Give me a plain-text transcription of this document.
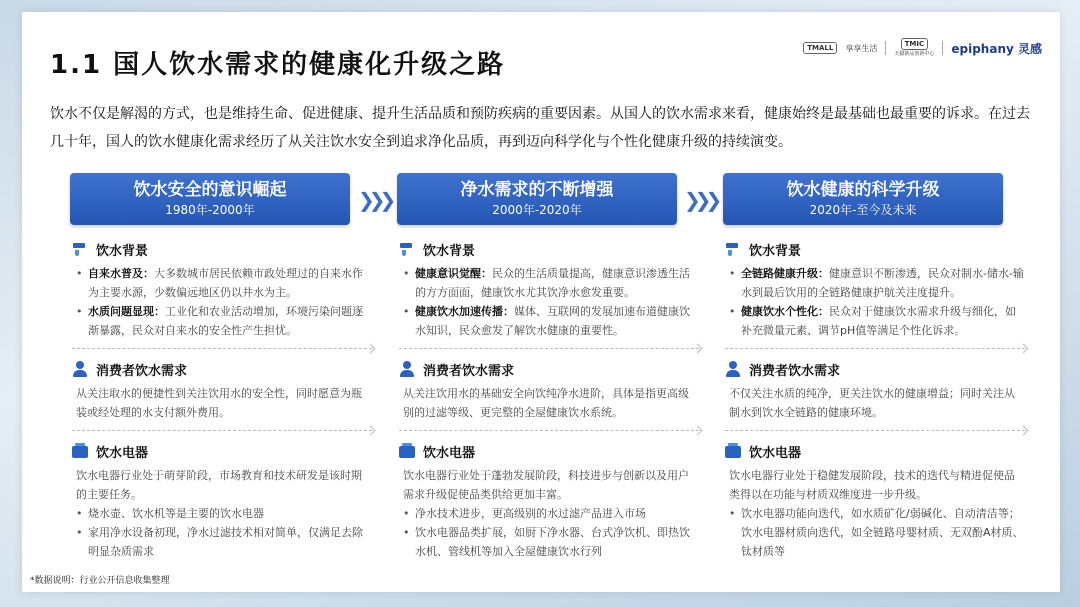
1.1 国人饮水需求的健康化升级之路
TMALL	享享生活	TMIC
天猫新品创新中心 epiphany 灵感

饮水不仅是解渴的方式，也是维持生命、促进健康、提升生活品质和预防疾病的重要因素。从国人的饮水需求来看，健康始终是最基础也最重要的诉求。在过去几十年，国人的饮水健康化需求经历了从关注饮水安全到追求净化品质，再到迈向科学化与个性化健康升级的持续演变。

饮水安全的意识崛起
1980年-2000年	❯❯❯	净水需求的不断增强
2000年-2020年	❯❯❯	饮水健康的科学升级
2020年-至今及未来
饮水背景
• 自来水普及：大多数城市居民依赖市政处理过的自来水作为主要水源，少数偏远地区仍以井水为主。
• 水质问题显现：工业化和农业活动增加，环境污染问题逐渐暴露，民众对自来水的安全性产生担忧。
消费者饮水需求
从关注取水的便捷性到关注饮用水的安全性，同时愿意为瓶装或经处理的水支付额外费用。
饮水电器
饮水电器行业处于萌芽阶段，市场教育和技术研发是该时期的主要任务。
• 烧水壶、饮水机等是主要的饮水电器
• 家用净水设备初现，净水过滤技术相对简单，仅满足去除明显杂质需求
饮水背景
• 健康意识觉醒：民众的生活质量提高，健康意识渗透生活的方方面面，健康饮水尤其饮净水愈发重要。
• 健康饮水加速传播：媒体、互联网的发展加速布道健康饮水知识，民众愈发了解饮水健康的重要性。
消费者饮水需求
从关注饮用水的基础安全向饮纯净水进阶，具体是指更高级别的过滤等级、更完整的全屋健康饮水系统。
饮水电器
饮水电器行业处于蓬勃发展阶段，科技进步与创新以及用户需求升级促使品类供给更加丰富。
• 净水技术进步，更高级别的水过滤产品进入市场
• 饮水电器品类扩展，如厨下净水器、台式净饮机、即热饮水机、管线机等加入全屋健康饮水行列
饮水背景
• 全链路健康升级：健康意识不断渗透，民众对制水-储水-输水到最后饮用的全链路健康护航关注度提升。
• 健康饮水个性化：民众对于健康饮水需求升级与细化，如补充微量元素、调节pH值等满足个性化诉求。
消费者饮水需求
不仅关注水质的纯净，更关注饮水的健康增益；同时关注从制水到饮水全链路的健康环境。
饮水电器
饮水电器行业处于稳健发展阶段，技术的迭代与精进促使品类得以在功能与材质双维度进一步升级。
• 饮水电器功能向迭代，如水质矿化/弱碱化、自动清洁等；饮水电器材质向迭代，如全链路母婴材质、无双酚A材质、钛材质等
*数据说明：行业公开信息收集整理
